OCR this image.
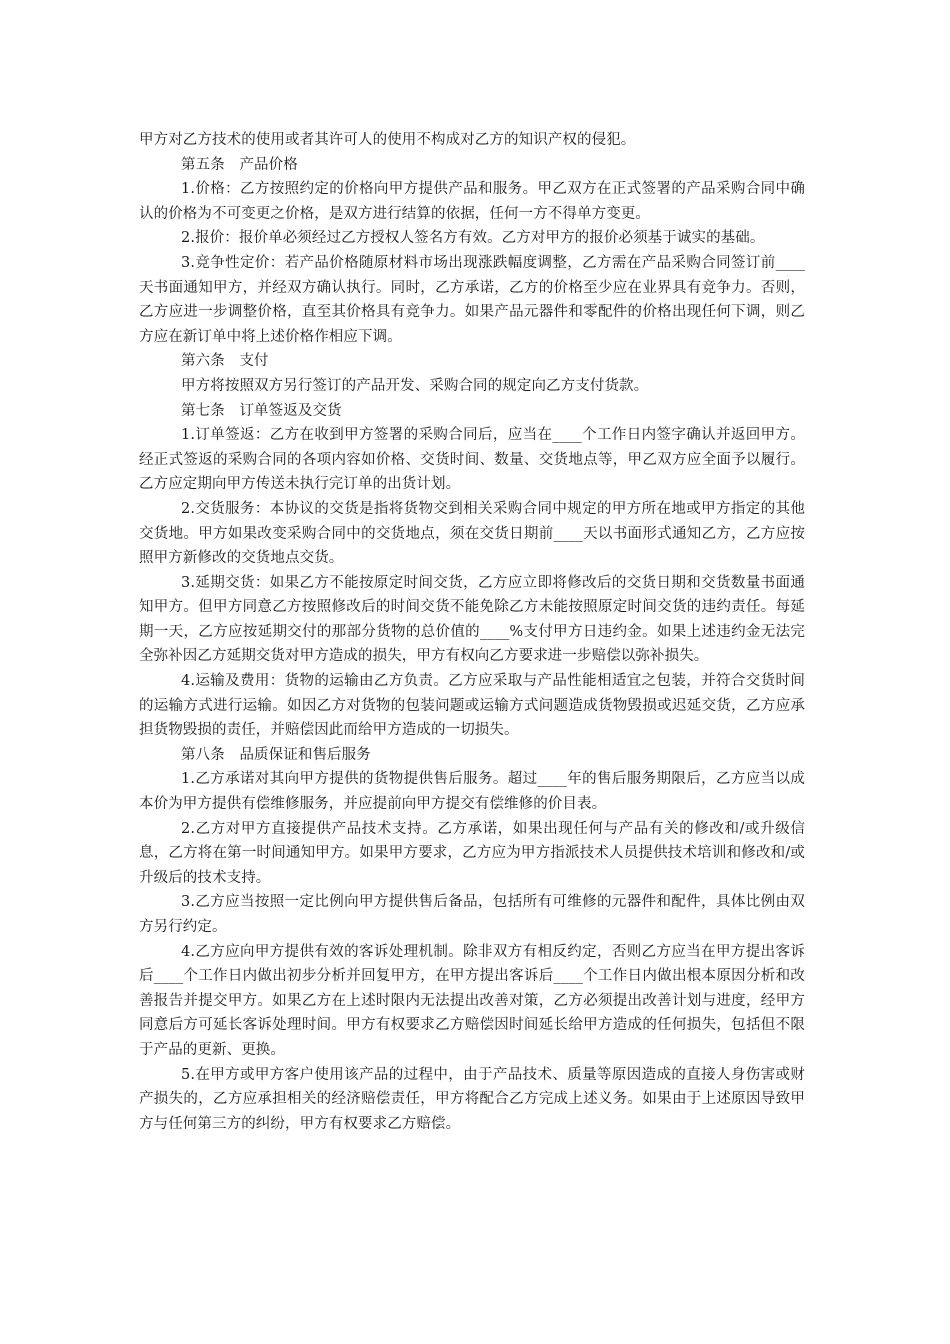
甲方对乙方技术的使用或者其许可人的使用不构成对乙方的知识产权的侵犯。

第五条　产品价格

1.价格：乙方按照约定的价格向甲方提供产品和服务。甲乙双方在正式签署的产品采购合同中确认的价格为不可变更之价格，是双方进行结算的依据，任何一方不得单方变更。

2.报价：报价单必须经过乙方授权人签名方有效。乙方对甲方的报价必须基于诚实的基础。

3.竞争性定价：若产品价格随原材料市场出现涨跌幅度调整，乙方需在产品采购合同签订前____天书面通知甲方，并经双方确认执行。同时，乙方承诺，乙方的价格至少应在业界具有竞争力。否则，乙方应进一步调整价格，直至其价格具有竞争力。如果产品元器件和零配件的价格出现任何下调，则乙方应在新订单中将上述价格作相应下调。

第六条　支付

甲方将按照双方另行签订的产品开发、采购合同的规定向乙方支付货款。

第七条　订单签返及交货

1.订单签返：乙方在收到甲方签署的采购合同后，应当在____个工作日内签字确认并返回甲方。经正式签返的采购合同的各项内容如价格、交货时间、数量、交货地点等，甲乙双方应全面予以履行。乙方应定期向甲方传送未执行完订单的出货计划。

2.交货服务：本协议的交货是指将货物交到相关采购合同中规定的甲方所在地或甲方指定的其他交货地。甲方如果改变采购合同中的交货地点，须在交货日期前____天以书面形式通知乙方，乙方应按照甲方新修改的交货地点交货。

3.延期交货：如果乙方不能按原定时间交货，乙方应立即将修改后的交货日期和交货数量书面通知甲方。但甲方同意乙方按照修改后的时间交货不能免除乙方未能按照原定时间交货的违约责任。每延期一天，乙方应按延期交付的那部分货物的总价值的____%支付甲方日违约金。如果上述违约金无法完全弥补因乙方延期交货对甲方造成的损失，甲方有权向乙方要求进一步赔偿以弥补损失。

4.运输及费用：货物的运输由乙方负责。乙方应采取与产品性能相适宜之包装，并符合交货时间的运输方式进行运输。如因乙方对货物的包装问题或运输方式问题造成货物毁损或迟延交货，乙方应承担货物毁损的责任，并赔偿因此而给甲方造成的一切损失。

第八条　品质保证和售后服务

1.乙方承诺对其向甲方提供的货物提供售后服务。超过____年的售后服务期限后，乙方应当以成本价为甲方提供有偿维修服务，并应提前向甲方提交有偿维修的价目表。

2.乙方对甲方直接提供产品技术支持。乙方承诺，如果出现任何与产品有关的修改和/或升级信息，乙方将在第一时间通知甲方。如果甲方要求，乙方应为甲方指派技术人员提供技术培训和修改和/或升级后的技术支持。

3.乙方应当按照一定比例向甲方提供售后备品，包括所有可维修的元器件和配件，具体比例由双方另行约定。

4.乙方应向甲方提供有效的客诉处理机制。除非双方有相反约定，否则乙方应当在甲方提出客诉后____个工作日内做出初步分析并回复甲方，在甲方提出客诉后____个工作日内做出根本原因分析和改善报告并提交甲方。如果乙方在上述时限内无法提出改善对策，乙方必须提出改善计划与进度，经甲方同意后方可延长客诉处理时间。甲方有权要求乙方赔偿因时间延长给甲方造成的任何损失，包括但不限于产品的更新、更换。

5.在甲方或甲方客户使用该产品的过程中，由于产品技术、质量等原因造成的直接人身伤害或财产损失的，乙方应承担相关的经济赔偿责任，甲方将配合乙方完成上述义务。如果由于上述原因导致甲方与任何第三方的纠纷，甲方有权要求乙方赔偿。
